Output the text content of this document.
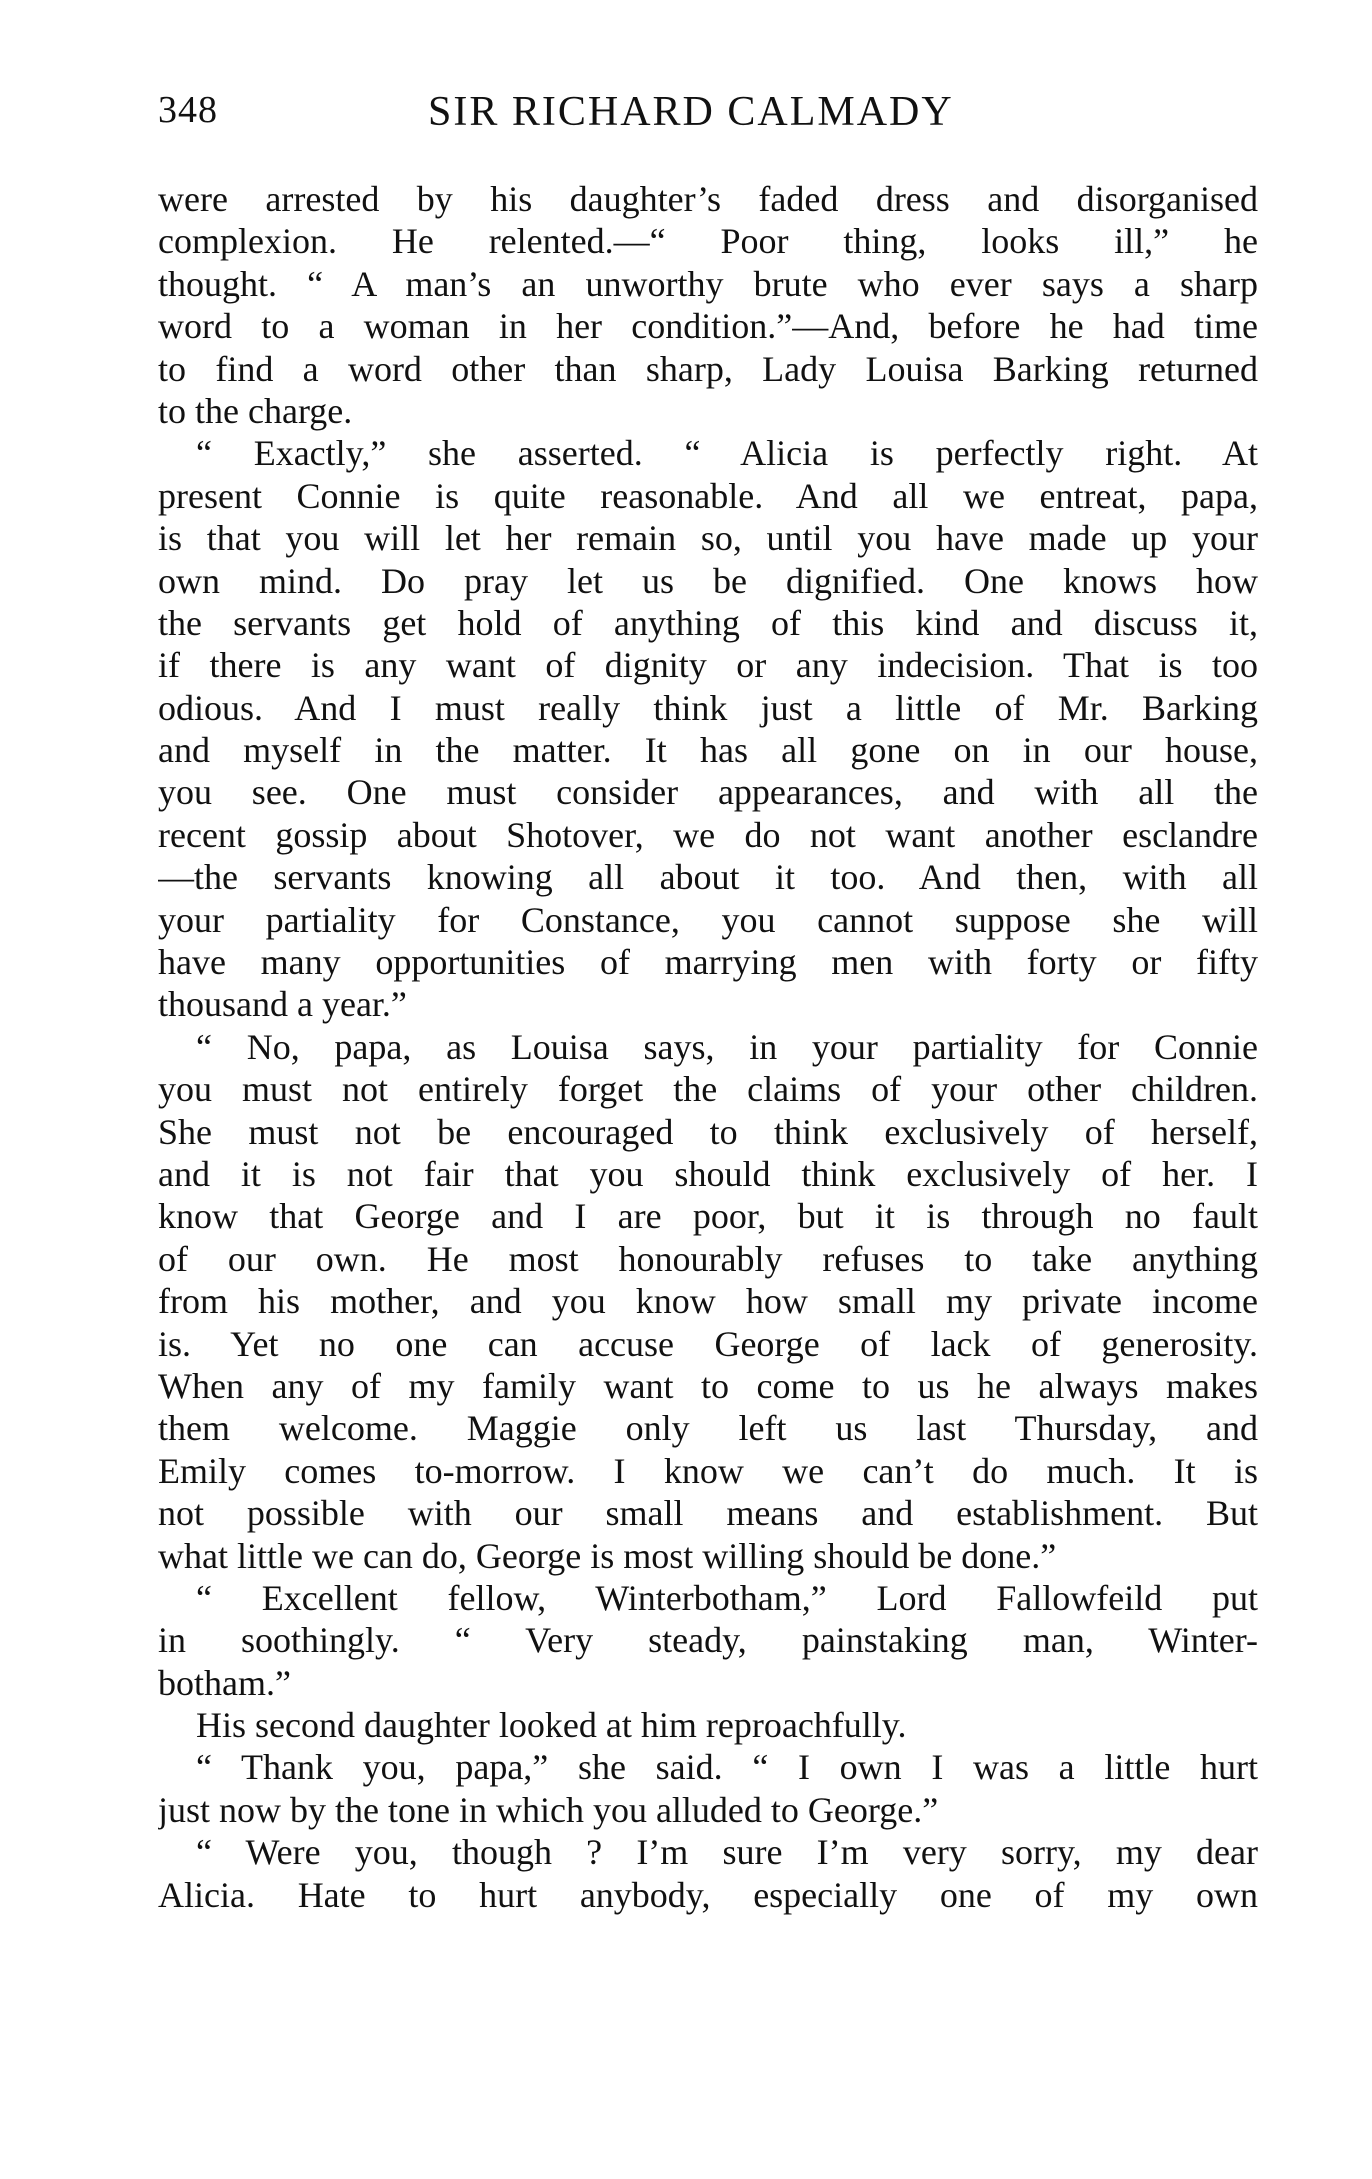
348	SIR RICHARD CALMADY
were arrested by his daughter’s faded dress and disorganised
complexion. He relented.—“ Poor thing, looks ill,” he
thought. “ A man’s an unworthy brute who ever says a sharp
word to a woman in her condition.”—And, before he had time
to find a word other than sharp, Lady Louisa Barking returned
to the charge.
“ Exactly,” she asserted. “ Alicia is perfectly right. At
present Connie is quite reasonable. And all we entreat, papa,
is that you will let her remain so, until you have made up your
own mind. Do pray let us be dignified. One knows how
the servants get hold of anything of this kind and discuss it,
if there is any want of dignity or any indecision. That is too
odious. And I must really think just a little of Mr. Barking
and myself in the matter. It has all gone on in our house,
you see. One must consider appearances, and with all the
recent gossip about Shotover, we do not want another esclandre
—the servants knowing all about it too. And then, with all
your partiality for Constance, you cannot suppose she will
have many opportunities of marrying men with forty or fifty
thousand a year.”
“ No, papa, as Louisa says, in your partiality for Connie
you must not entirely forget the claims of your other children.
She must not be encouraged to think exclusively of herself,
and it is not fair that you should think exclusively of her. I
know that George and I are poor, but it is through no fault
of our own. He most honourably refuses to take anything
from his mother, and you know how small my private income
is. Yet no one can accuse George of lack of generosity.
When any of my family want to come to us he always makes
them welcome. Maggie only left us last Thursday, and
Emily comes to-morrow. I know we can’t do much. It is
not possible with our small means and establishment. But
what little we can do, George is most willing should be done.”
“ Excellent fellow, Winterbotham,” Lord Fallowfeild put
in soothingly. “ Very steady, painstaking man, Winter-
botham.”
His second daughter looked at him reproachfully.
“ Thank you, papa,” she said. “ I own I was a little hurt
just now by the tone in which you alluded to George.”
“ Were you, though ? I’m sure I’m very sorry, my dear
Alicia. Hate to hurt anybody, especially one of my own
